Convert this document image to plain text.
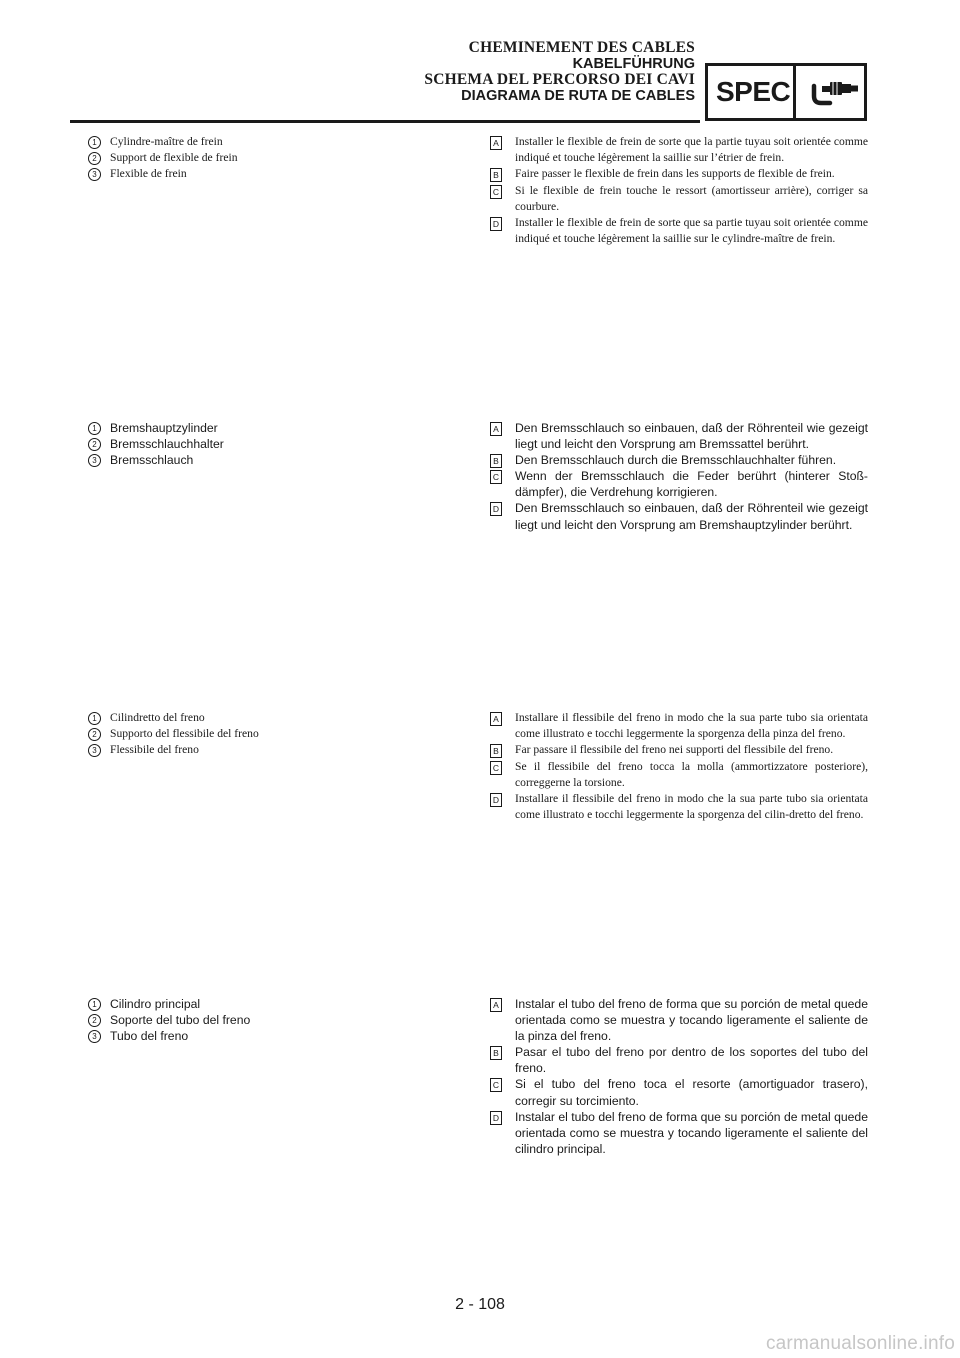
CHEMINEMENT DES CABLES
KABELFÜHRUNG
SCHEMA DEL PERCORSO DEI CAVI
DIAGRAMA DE RUTA DE CABLES SPEC
1	Cylindre-maître de frein
2	Support de flexible de frein
3	Flexible de frein
A Installer le flexible de frein de sorte que la partie tuyau soit orientée comme indiqué et touche légèrement la saillie sur l’étrier de frein.
B Faire passer le flexible de frein dans les supports de flexible de frein.
C Si le flexible de frein touche le ressort (amortisseur arrière), corriger sa courbure.
D Installer le flexible de frein de sorte que sa partie tuyau soit orientée comme indiqué et touche légèrement la saillie sur le cylindre-maître de frein.
1	Bremshauptzylinder
2	Bremsschlauchhalter
3	Bremsschlauch
A Den Bremsschlauch so einbauen, daß der Röhrenteil wie gezeigt liegt und leicht den Vorsprung am Bremssattel berührt.
B Den Bremsschlauch durch die Bremsschlauchhalter führen.
C Wenn der Bremsschlauch die Feder berührt (hinterer Stoß-dämpfer), die Verdrehung korrigieren.
D Den Bremsschlauch so einbauen, daß der Röhrenteil wie gezeigt liegt und leicht den Vorsprung am Bremshauptzylinder berührt.
1	Cilindretto del freno
2	Supporto del flessibile del freno
3	Flessibile del freno
A Installare il flessibile del freno in modo che la sua parte tubo sia orientata come illustrato e tocchi leggermente la sporgenza della pinza del freno.
B Far passare il flessibile del freno nei supporti del flessibile del freno.
C Se il flessibile del freno tocca la molla (ammortizzatore posteriore), correggerne la torsione.
D Installare il flessibile del freno in modo che la sua parte tubo sia orientata come illustrato e tocchi leggermente la sporgenza del cilin-dretto del freno.
1	Cilindro principal
2	Soporte del tubo del freno
3	Tubo del freno
A Instalar el tubo del freno de forma que su porción de metal quede orientada como se muestra y tocando ligeramente el saliente de la pinza del freno.
B Pasar el tubo del freno por dentro de los soportes del tubo del freno.
C Si el tubo del freno toca el resorte (amortiguador trasero), corregir su torcimiento.
D Instalar el tubo del freno de forma que su porción de metal quede orientada como se muestra y tocando ligeramente el saliente del cilindro principal.
2 - 108
carmanualsonline.info
